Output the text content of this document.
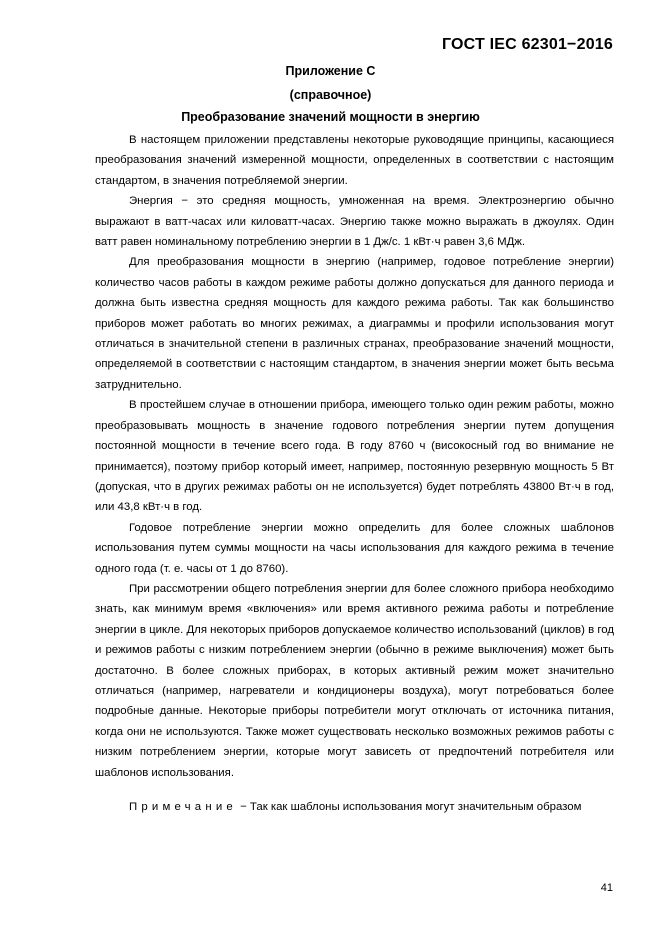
ГОСТ IEC 62301−2016
Приложение С
(справочное)
Преобразование значений мощности в энергию

В настоящем приложении представлены некоторые руководящие принципы, касающиеся преобразования значений измеренной мощности, определенных в соответствии с настоящим стандартом, в значения потребляемой энергии.

Энергия − это средняя мощность, умноженная на время. Электроэнергию обычно выражают в ватт-часах или киловатт-часах. Энергию также можно выражать в джоулях. Один ватт равен номинальному потреблению энергии в 1 Дж/с. 1 кВт·ч равен 3,6 МДж.

Для преобразования мощности в энергию (например, годовое потребление энергии) количество часов работы в каждом режиме работы должно допускаться для данного периода и должна быть известна средняя мощность для каждого режима работы. Так как большинство приборов может работать во многих режимах, а диаграммы и профили использования могут отличаться в значительной степени в различных странах, преобразование значений мощности, определяемой в соответствии с настоящим стандартом, в значения энергии может быть весьма затруднительно.

В простейшем случае в отношении прибора, имеющего только один режим работы, можно преобразовывать мощность в значение годового потребления энергии путем допущения постоянной мощности в течение всего года. В году 8760 ч (високосный год во внимание не принимается), поэтому прибор который имеет, например, постоянную резервную мощность 5 Вт (допуская, что в других режимах работы он не используется) будет потреблять 43800 Вт·ч в год, или 43,8 кВт·ч в год.

Годовое потребление энергии можно определить для более сложных шаблонов использования путем суммы мощности на часы использования для каждого режима в течение одного года (т. е. часы от 1 до 8760).

При рассмотрении общего потребления энергии для более сложного прибора необходимо знать, как минимум время «включения» или время активного режима работы и потребление энергии в цикле. Для некоторых приборов допускаемое количество использований (циклов) в год и режимов работы с низким потреблением энергии (обычно в режиме выключения) может быть достаточно. В более сложных приборах, в которых активный режим может значительно отличаться (например, нагреватели и кондиционеры воздуха), могут потребоваться более подробные данные. Некоторые приборы потребители могут отключать от источника питания, когда они не используются. Также может существовать несколько возможных режимов работы с низким потреблением энергии, которые могут зависеть от предпочтений потребителя или шаблонов использования.

Примечание − Так как шаблоны использования могут значительным образом

41
